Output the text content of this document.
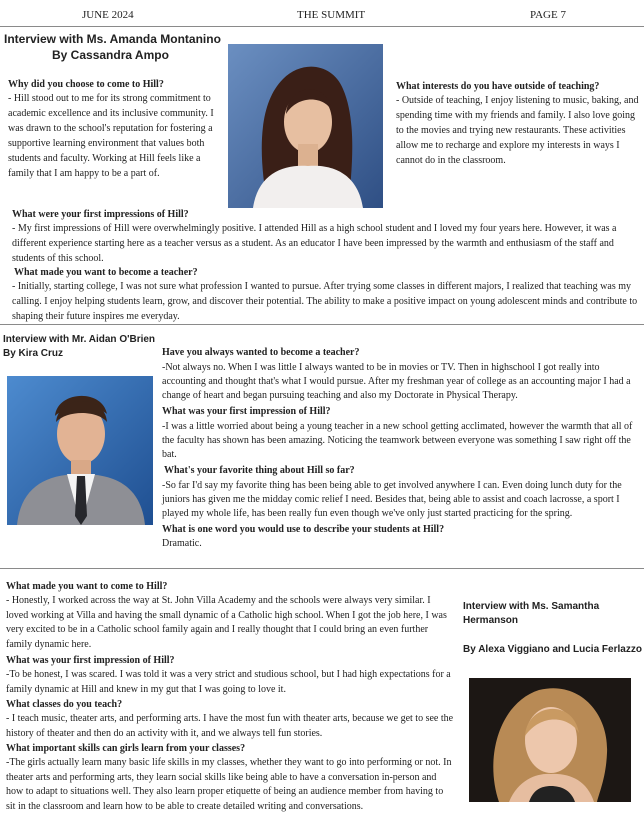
JUNE 2024	THE SUMMIT	PAGE 7
Interview with Ms. Amanda Montanino
By Cassandra Ampo
Why did you choose to come to Hill?
- Hill stood out to me for its strong commitment to academic excellence and its inclusive community. I was drawn to the school's reputation for fostering a supportive learning environment that values both students and faculty. Working at Hill feels like a family that I am happy to be a part of.
What interests do you have outside of teaching?
- Outside of teaching, I enjoy listening to music, baking, and spending time with my friends and family. I also love going to the movies and trying new restaurants. These activities allow me to recharge and explore my interests in ways I cannot do in the classroom.
What were your first impressions of Hill?
- My first impressions of Hill were overwhelmingly positive. I attended Hill as a high school student and I loved my four years here. However, it was a different experience starting here as a teacher versus as a student. As an educator I have been impressed by the warmth and enthusiasm of the staff and students of this school.
What made you want to become a teacher?
- Initially, starting college, I was not sure what profession I wanted to pursue. After trying some classes in different majors, I realized that teaching was my calling. I enjoy helping students learn, grow, and discover their potential. The ability to make a positive impact on young adolescent minds and contribute to shaping their future inspires me everyday.
Interview with Mr. Aidan O'Brien
By Kira Cruz	Have you always wanted to become a teacher?
-Not always no. When I was little I always wanted to be in movies or TV. Then in highschool I got really into accounting and thought that's what I would pursue. After my freshman year of college as an accounting major I had a change of heart and began pursuing teaching and also my Doctorate in Physical Therapy.
What was your first impression of Hill?
-I was a little worried about being a young teacher in a new school getting acclimated, however the warmth that all of the faculty has shown has been amazing. Noticing the teamwork between everyone was something I saw right off the bat.
What's your favorite thing about Hill so far?
-So far I'd say my favorite thing has been being able to get involved anywhere I can. Even doing lunch duty for the juniors has given me the midday comic relief I need. Besides that, being able to assist and coach lacrosse, a sport I played my whole life, has been really fun even though we've only just started practicing for the spring.
What is one word you would use to describe your students at Hill?
Dramatic.
What made you want to come to Hill?
- Honestly, I worked across the way at St. John Villa Academy and the schools were always very similar. I loved working at Villa and having the small dynamic of a Catholic high school. When I got the job here, I was very excited to be in a Catholic school family again and I really thought that I could bring an even further family dynamic here.
What was your first impression of Hill?
-To be honest, I was scared. I was told it was a very strict and studious school, but I had high expectations for a family dynamic at Hill and knew in my gut that I was going to love it.
What classes do you teach?
- I teach music, theater arts, and performing arts. I have the most fun with theater arts, because we get to see the history of theater and then do an activity with it, and we always tell fun stories.
What important skills can girls learn from your classes?
-The girls actually learn many basic life skills in my classes, whether they want to go into performing or not. In theater arts and performing arts, they learn social skills like being able to have a conversation in-person and how to adapt to situations well. They also learn proper etiquette of being an audience member from having to sit in the classroom and learn how to be able to create detailed writing and conversations.
Interview with Ms. Samantha Hermanson
By Alexa Viggiano and Lucia Ferlazzo
